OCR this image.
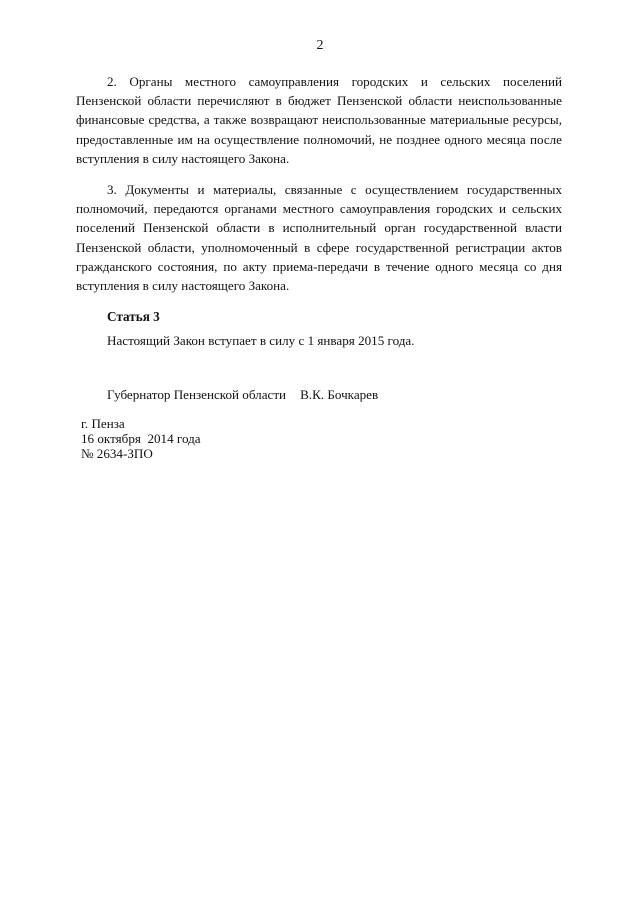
2

2. Органы местного самоуправления городских и сельских поселений Пензенской области перечисляют в бюджет Пензенской области неиспользованные финансовые средства, а также возвращают неиспользованные материальные ресурсы, предоставленные им на осуществление полномочий, не позднее одного месяца после вступления в силу настоящего Закона.

3. Документы и материалы, связанные с осуществлением государственных полномочий, передаются органами местного самоуправления городских и сельских поселений Пензенской области в исполнительный орган государственной власти Пензенской области, уполномоченный в сфере государственной регистрации актов гражданского состояния, по акту приема-передачи в течение одного месяца со дня вступления в силу настоящего Закона.

Статья 3
Настоящий Закон вступает в силу с 1 января 2015 года.
Губернатор Пензенской области В.К. Бочкарев
г. Пенза
16 октября  2014 года
№ 2634-ЗПО
